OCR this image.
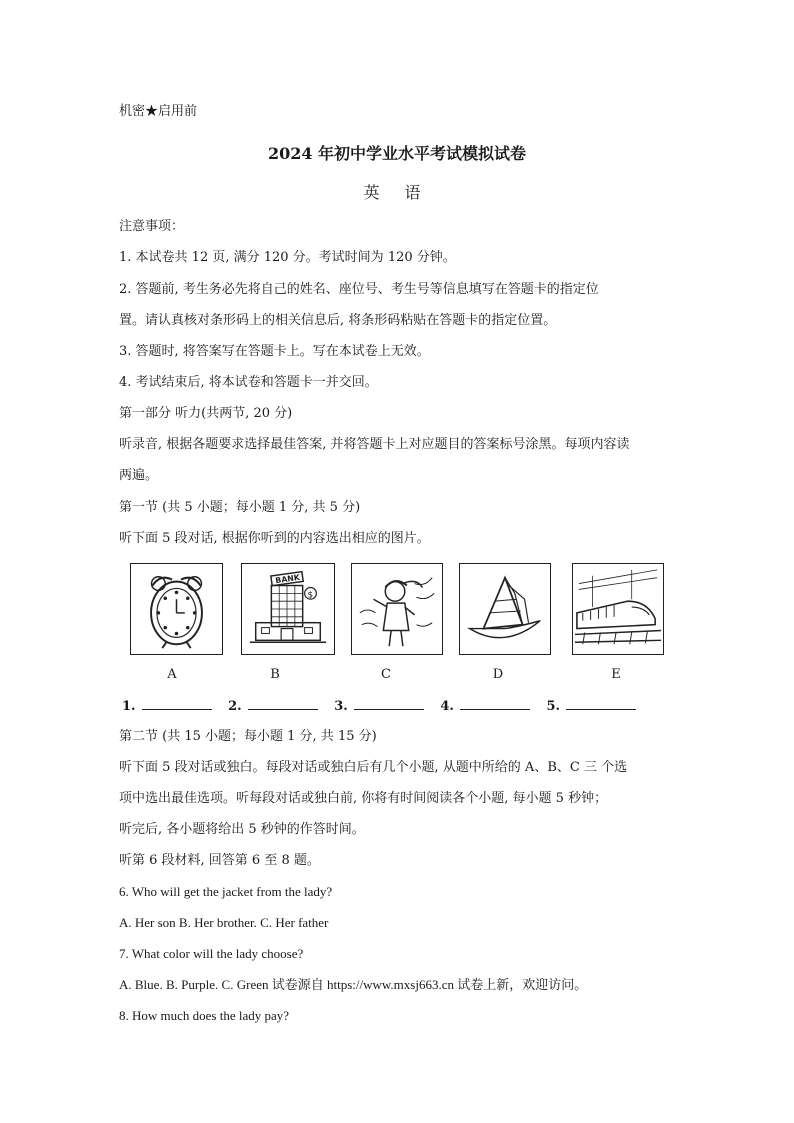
机密★启用前
2024 年初中学业水平考试模拟试卷
英 语
注意事项：
1. 本试卷共 12 页, 满分 120 分。考试时间为 120 分钟。
2. 答题前, 考生务必先将自己的姓名、座位号、考生号等信息填写在答题卡的指定位
置。请认真核对条形码上的相关信息后, 将条形码粘贴在答题卡的指定位置。
3. 答题时, 将答案写在答题卡上。写在本试卷上无效。
4. 考试结束后, 将本试卷和答题卡一并交回。
第一部分 听力(共两节, 20 分)
听录音, 根据各题要求选择最佳答案, 并将答题卡上对应题目的答案标号涂黑。每项内容读
两遍。
第一节 (共 5 小题；每小题 1 分, 共 5 分)
听下面 5 段对话, 根据你听到的内容选出相应的图片。
BANK
$
A	B	C	D	E
1.	2.	3.	4.	5.
第二节 (共 15 小题；每小题 1 分, 共 15 分)
听下面 5 段对话或独白。每段对话或独白后有几个小题, 从题中所给的 A、B、C 三 个选
项中选出最佳选项。听每段对话或独白前, 你将有时间阅读各个小题, 每小题 5 秒钟；
听完后, 各小题将给出 5 秒钟的作答时间。
听第 6 段材料, 回答第 6 至 8 题。
6. Who will get the jacket from the lady?
A. Her son B. Her brother. C. Her father
7. What color will the lady choose?
A. Blue. B. Purple. C. Green 试卷源自 https://www.mxsj663.cn 试卷上新，欢迎访问。
8. How much does the lady pay?
